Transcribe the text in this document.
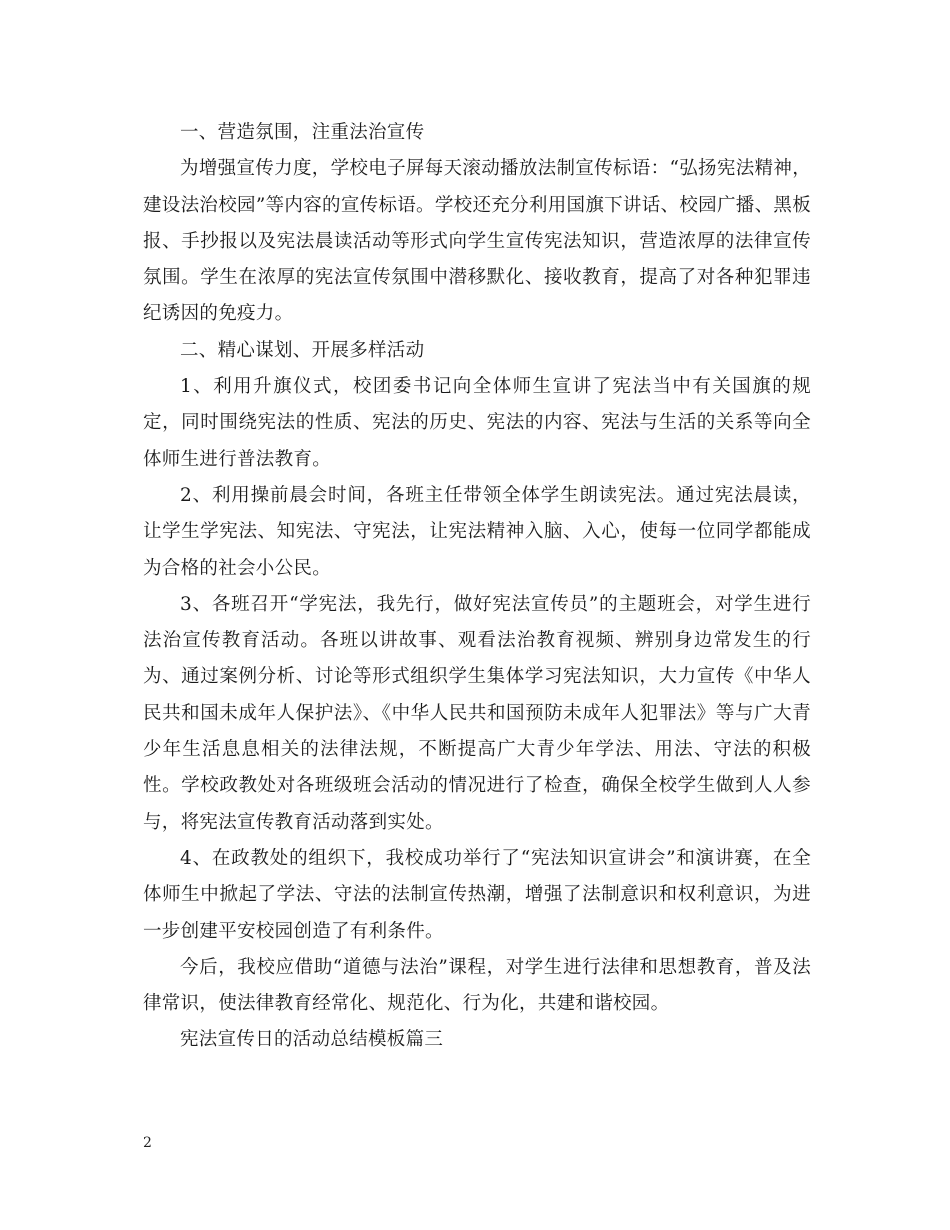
一、营造氛围，注重法治宣传

为增强宣传力度，学校电子屏每天滚动播放法制宣传标语：“弘扬宪法精神，建设法治校园”等内容的宣传标语。学校还充分利用国旗下讲话、校园广播、黑板报、手抄报以及宪法晨读活动等形式向学生宣传宪法知识，营造浓厚的法律宣传氛围。学生在浓厚的宪法宣传氛围中潜移默化、接收教育，提高了对各种犯罪违纪诱因的免疫力。

二、精心谋划、开展多样活动

1、利用升旗仪式，校团委书记向全体师生宣讲了宪法当中有关国旗的规定，同时围绕宪法的性质、宪法的历史、宪法的内容、宪法与生活的关系等向全体师生进行普法教育。

2、利用操前晨会时间，各班主任带领全体学生朗读宪法。通过宪法晨读，让学生学宪法、知宪法、守宪法，让宪法精神入脑、入心，使每一位同学都能成为合格的社会小公民。

3、各班召开“学宪法，我先行，做好宪法宣传员”的主题班会，对学生进行法治宣传教育活动。各班以讲故事、观看法治教育视频、辨别身边常发生的行为、通过案例分析、讨论等形式组织学生集体学习宪法知识，大力宣传《中华人民共和国未成年人保护法》、《中华人民共和国预防未成年人犯罪法》等与广大青少年生活息息相关的法律法规，不断提高广大青少年学法、用法、守法的积极性。学校政教处对各班级班会活动的情况进行了检查，确保全校学生做到人人参与，将宪法宣传教育活动落到实处。

4、在政教处的组织下，我校成功举行了“宪法知识宣讲会”和演讲赛，在全体师生中掀起了学法、守法的法制宣传热潮，增强了法制意识和权利意识，为进一步创建平安校园创造了有利条件。

今后，我校应借助“道德与法治”课程，对学生进行法律和思想教育，普及法律常识，使法律教育经常化、规范化、行为化，共建和谐校园。

宪法宣传日的活动总结模板篇三

2
